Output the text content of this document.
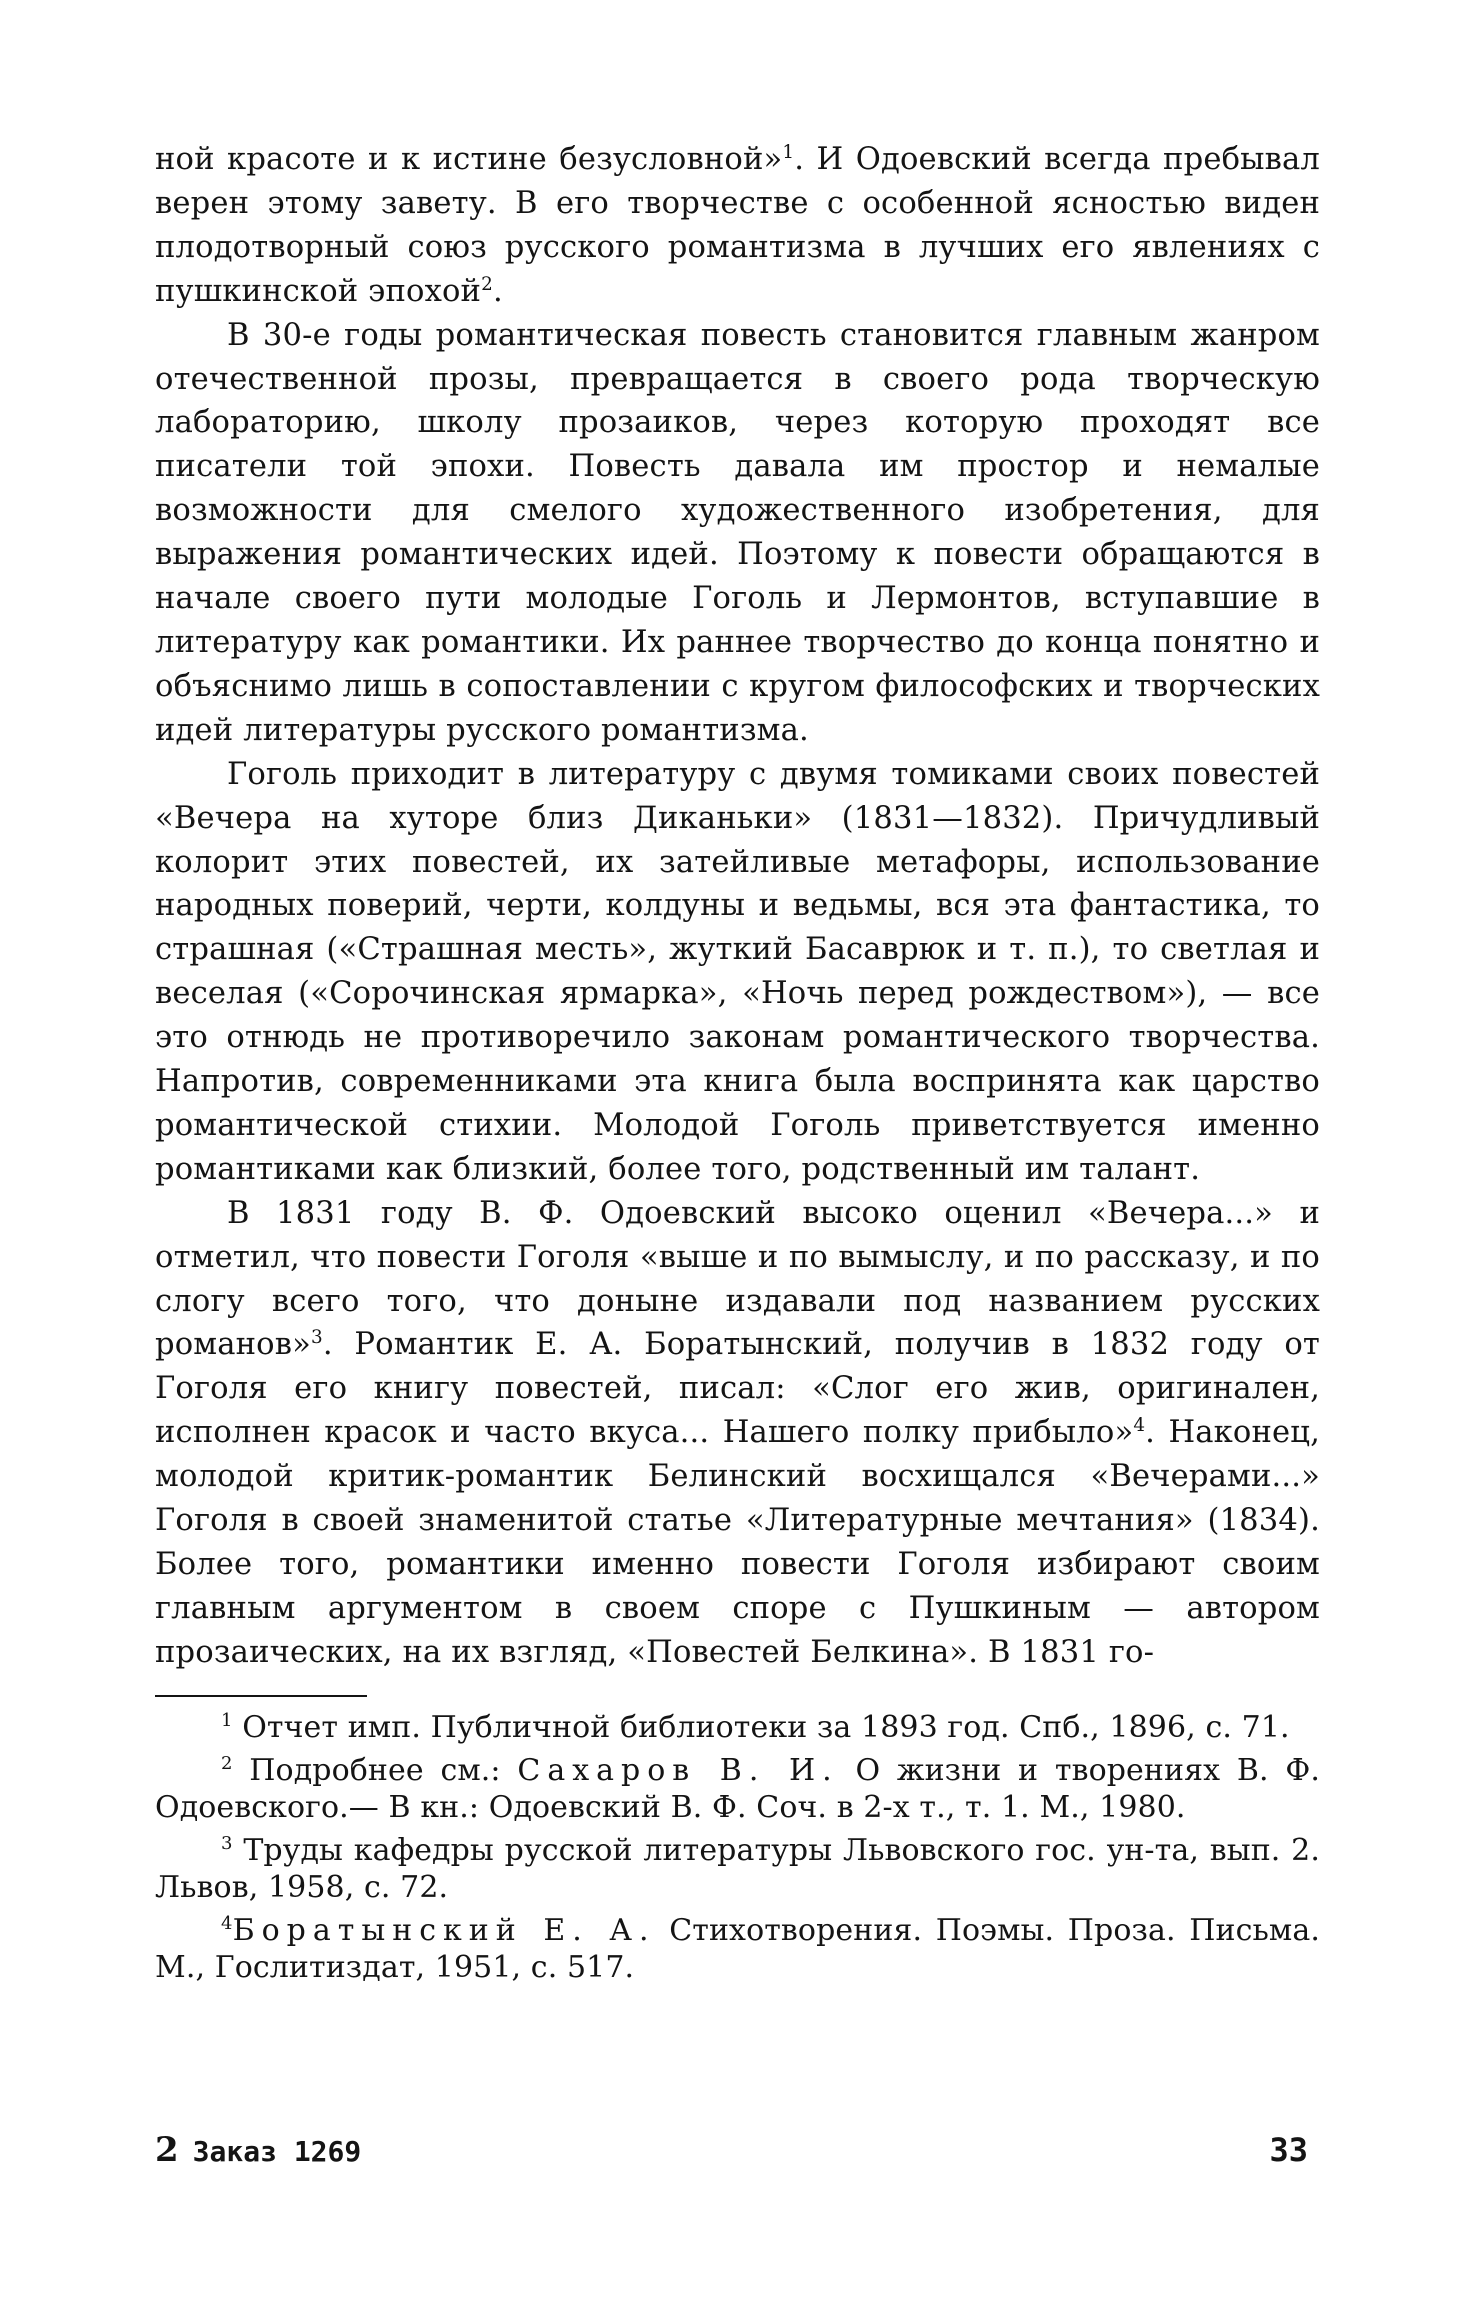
ной красоте и к истине безусловной»$^1$. И Одоевский всегда пребывал верен этому завету. В его творчестве с особенной ясностью виден плодотворный союз русского романтизма в лучших его явлениях с пушкинской эпохой$^2$.

В 30-е годы романтическая повесть становится главным жанром отечественной прозы, превращается в своего рода творческую лабораторию, школу прозаиков, через которую проходят все писатели той эпохи. Повесть давала им простор и немалые возможности для смелого художественного изобретения, для выражения романтических идей. Поэтому к повести обращаются в начале своего пути молодые Гоголь и Лермонтов, вступавшие в литературу как романтики. Их раннее творчество до конца понятно и объяснимо лишь в сопоставлении с кругом философских и творческих идей литературы русского романтизма.

Гоголь приходит в литературу с двумя томиками своих повестей «Вечера на хуторе близ Диканьки» (1831—1832). Причудливый колорит этих повестей, их затейливые метафоры, использование народных поверий, черти, колдуны и ведьмы, вся эта фантастика, то страшная («Страшная месть», жуткий Басаврюк и т. п.), то светлая и веселая («Сорочинская ярмарка», «Ночь перед рождеством»), — все это отнюдь не противоречило законам романтического творчества. Напротив, современниками эта книга была воспринята как царство романтической стихии. Молодой Гоголь приветствуется именно романтиками как близкий, более того, родственный им талант.

В 1831 году В. Ф. Одоевский высоко оценил «Вечера...» и отметил, что повести Гоголя «выше и по вымыслу, и по рассказу, и по слогу всего того, что доныне издавали под названием русских романов»$^3$. Романтик Е. А. Боратынский, получив в 1832 году от Гоголя его книгу повестей, писал: «Слог его жив, оригинален, исполнен красок и часто вкуса... Нашего полку прибыло»$^4$. Наконец, молодой критик-романтик Белинский восхищался «Вечерами...» Гоголя в своей знаменитой статье «Литературные мечтания» (1834). Более того, романтики именно повести Гоголя избирают своим главным аргументом в своем споре с Пушкиным — автором прозаических, на их взгляд, «Повестей Белкина». В 1831 го-

$^1$ Отчет имп. Публичной библиотеки за 1893 год. Спб., 1896, с. 71.

$^2$ Подробнее см.: Сахаров В. И. О жизни и творениях В. Ф. Одоевского.— В кн.: Одоевский В. Ф. Соч. в 2-х т., т. 1. М., 1980.

$^3$ Труды кафедры русской литературы Львовского гос. ун-та, вып. 2. Львов, 1958, с. 72.

$^4$Боратынский Е. А. Стихотворения. Поэмы. Проза. Письма. М., Гослитиздат, 1951, с. 517.

2 Заказ 1269	33
